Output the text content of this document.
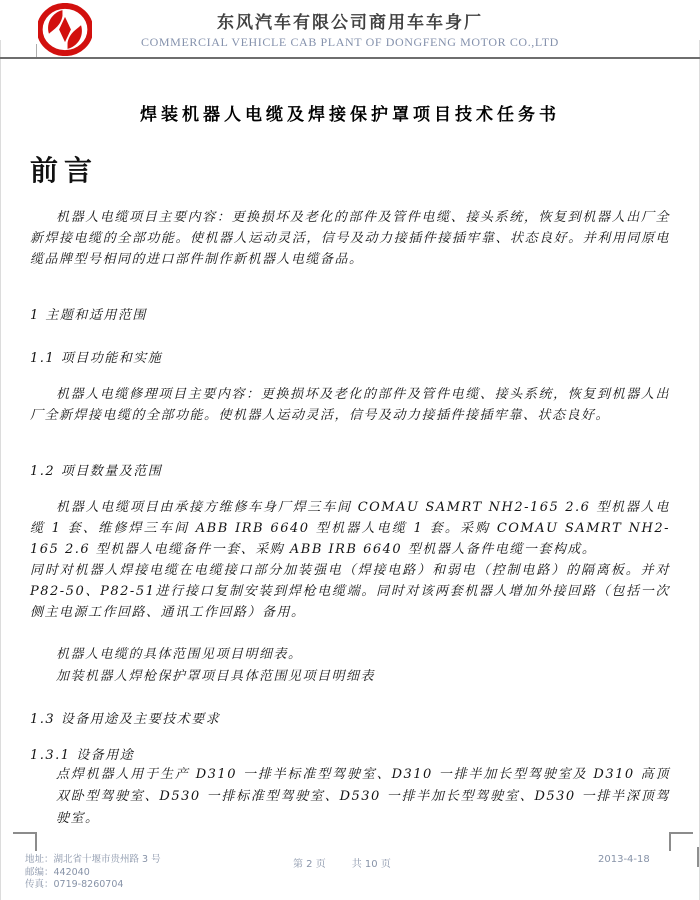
东风汽车有限公司商用车车身厂
COMMERCIAL VEHICLE CAB PLANT OF DONGFENG MOTOR CO.,LTD
焊装机器人电缆及焊接保护罩项目技术任务书
前言

机器人电缆项目主要内容：更换损坏及老化的部件及管件电缆、接头系统，恢复到机器人出厂全新焊接电缆的全部功能。使机器人运动灵活，信号及动力接插件接插牢靠、状态良好。并利用同原电缆品牌型号相同的进口部件制作新机器人电缆备品。

1 主题和适用范围
1.1 项目功能和实施

机器人电缆修理项目主要内容：更换损坏及老化的部件及管件电缆、接头系统，恢复到机器人出厂全新焊接电缆的全部功能。使机器人运动灵活，信号及动力接插件接插牢靠、状态良好。

1.2 项目数量及范围

机器人电缆项目由承接方维修车身厂焊三车间 COMAU SAMRT NH2-165 2.6 型机器人电缆 1 套、维修焊三车间 ABB IRB 6640 型机器人电缆 1 套。采购 COMAU SAMRT NH2-165 2.6 型机器人电缆备件一套、采购 ABB IRB 6640 型机器人备件电缆一套构成。

同时对机器人焊接电缆在电缆接口部分加装强电（焊接电路）和弱电（控制电路）的隔离板。并对P82-50、P82-51进行接口复制安装到焊枪电缆端。同时对该两套机器人增加外接回路（包括一次侧主电源工作回路、通讯工作回路）备用。

机器人电缆的具体范围见项目明细表。
加装机器人焊枪保护罩项目具体范围见项目明细表
1.3 设备用途及主要技术要求
1.3.1 设备用途

点焊机器人用于生产 D310 一排半标准型驾驶室、D310 一排半加长型驾驶室及 D310 高顶双卧型驾驶室、D530 一排标准型驾驶室、D530 一排半加长型驾驶室、D530 一排半深顶驾驶室。

地址：湖北省十堰市贵州路 3 号
邮编：442040
传真：0719-8260704
第 2 页	共 10 页	2013-4-18
